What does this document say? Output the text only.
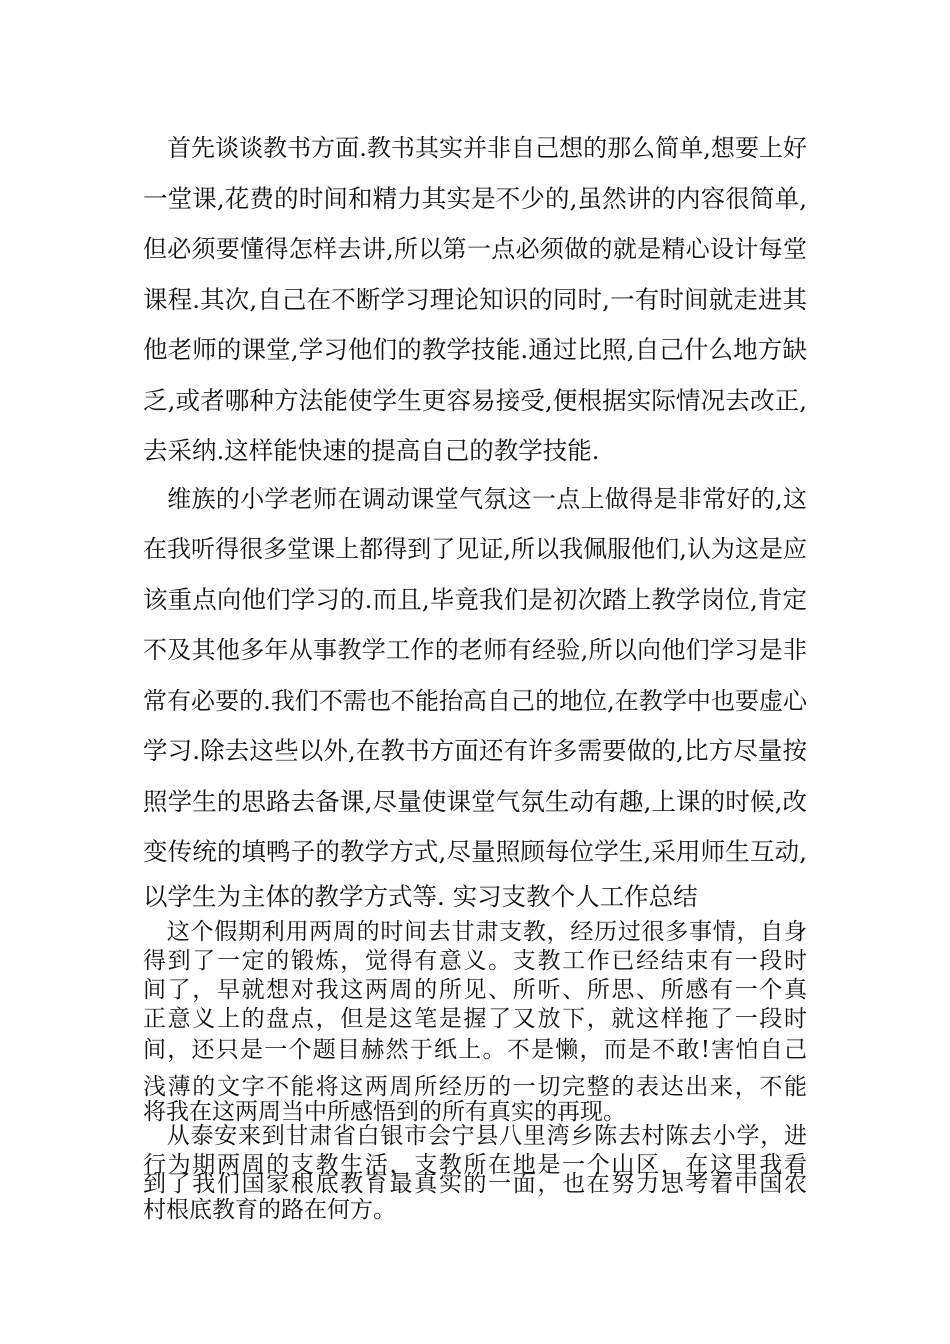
　首先谈谈教书方面.教书其实并非自己想的那么简单,想要上好
一堂课,花费的时间和精力其实是不少的,虽然讲的内容很简单,
但必须要懂得怎样去讲,所以第一点必须做的就是精心设计每堂
课程.其次,自己在不断学习理论知识的同时,一有时间就走进其
他老师的课堂,学习他们的教学技能.通过比照,自己什么地方缺
乏,或者哪种方法能使学生更容易接受,便根据实际情况去改正,
去采纳.这样能快速的提高自己的教学技能.
　维族的小学老师在调动课堂气氛这一点上做得是非常好的,这
在我听得很多堂课上都得到了见证,所以我佩服他们,认为这是应
该重点向他们学习的.而且,毕竟我们是初次踏上教学岗位,肯定
不及其他多年从事教学工作的老师有经验,所以向他们学习是非
常有必要的.我们不需也不能抬高自己的地位,在教学中也要虚心
学习.除去这些以外,在教书方面还有许多需要做的,比方尽量按
照学生的思路去备课,尽量使课堂气氛生动有趣,上课的时候,改
变传统的填鸭子的教学方式,尽量照顾每位学生,采用师生互动,
以学生为主体的教学方式等. 实习支教个人工作总结
　这个假期利用两周的时间去甘肃支教，经历过很多事情，自身
得到了一定的锻炼，觉得有意义。支教工作已经结束有一段时
间了，早就想对我这两周的所见、所听、所思、所感有一个真
正意义上的盘点，但是这笔是握了又放下，就这样拖了一段时
间，还只是一个题目赫然于纸上。不是懒，而是不敢!害怕自己
浅薄的文字不能将这两周所经历的一切完整的表达出来，不能
将我在这两周当中所感悟到的所有真实的再现。
　从泰安来到甘肃省白银市会宁县八里湾乡陈去村陈去小学，进
行为期两周的支教生活，支教所在地是一个山区，在这里我看
到了我们国家根底教育最真实的一面，也在努力思考着中国农
村根底教育的路在何方。
